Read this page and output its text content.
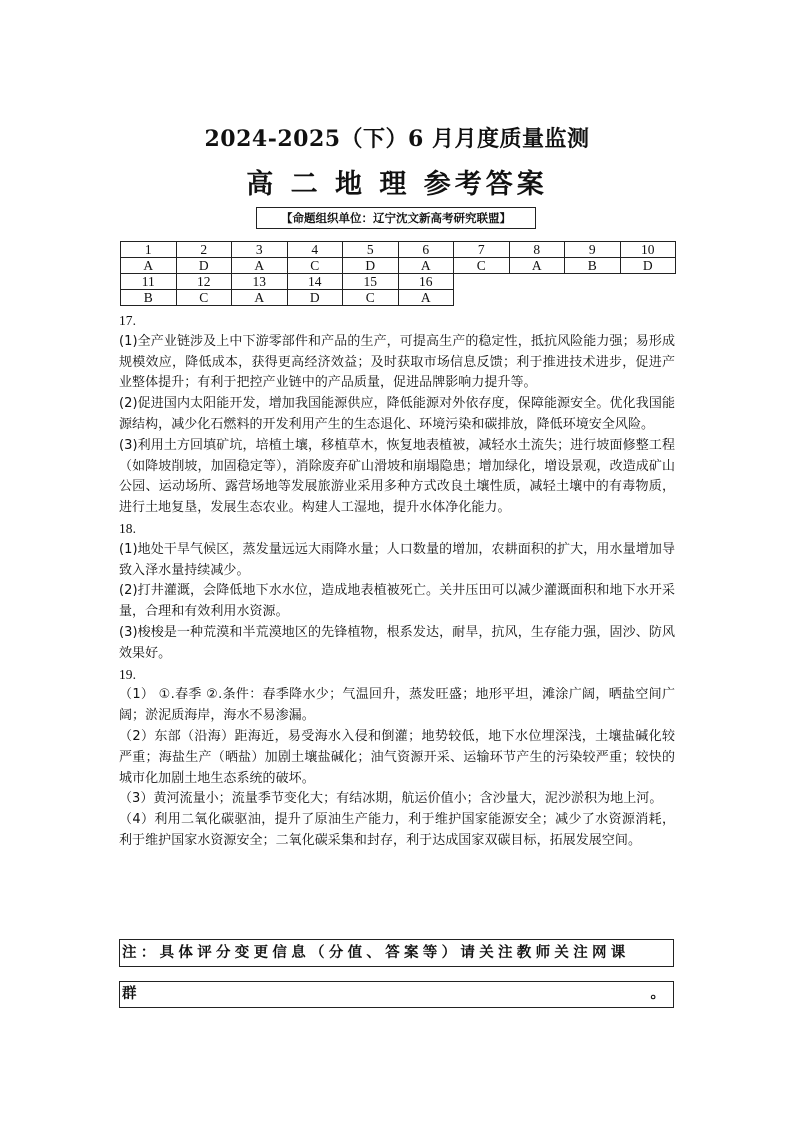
2024-2025（下）6 月月度质量监测
高 二 地 理 参考答案
【命题组织单位：辽宁沈文新高考研究联盟】
1	2	3	4	5	6	7	8	9	10
A	D	A	C	D	A	C	A	B	D
11	12	13	14	15	16				
B	C	A	D	C	A				

17.

(1)全产业链涉及上中下游零部件和产品的生产，可提高生产的稳定性，抵抗风险能力强；易形成规模效应，降低成本，获得更高经济效益；及时获取市场信息反馈；利于推进技术进步，促进产业整体提升；有利于把控产业链中的产品质量，促进品牌影响力提升等。

(2)促进国内太阳能开发，增加我国能源供应，降低能源对外依存度，保障能源安全。优化我国能源结构，减少化石燃料的开发利用产生的生态退化、环境污染和碳排放，降低环境安全风险。

(3)利用土方回填矿坑，培植土壤，移植草木，恢复地表植被，减轻水土流失；进行坡面修整工程（如降坡削坡，加固稳定等），消除废弃矿山滑坡和崩塌隐患；增加绿化，增设景观，改造成矿山公园、运动场所、露营场地等发展旅游业采用多种方式改良土壤性质，减轻土壤中的有毒物质，进行土地复垦，发展生态农业。构建人工湿地，提升水体净化能力。

18.

(1)地处干旱气候区，蒸发量远远大雨降水量；人口数量的增加，农耕面积的扩大，用水量增加导致入泽水量持续减少。

(2)打井灌溉，会降低地下水水位，造成地表植被死亡。关井压田可以减少灌溉面积和地下水开采量，合理和有效利用水资源。

(3)梭梭是一种荒漠和半荒漠地区的先锋植物，根系发达，耐旱，抗风，生存能力强，固沙、防风效果好。

19.

（1） ①.春季 ②.条件：春季降水少；气温回升，蒸发旺盛；地形平坦，滩涂广阔，晒盐空间广阔；淤泥质海岸，海水不易渗漏。

（2）东部（沿海）距海近，易受海水入侵和倒灌；地势较低，地下水位埋深浅，土壤盐碱化较严重；海盐生产（晒盐）加剧土壤盐碱化；油气资源开采、运输环节产生的污染较严重；较快的城市化加剧土地生态系统的破坏。

（3）黄河流量小；流量季节变化大；有结冰期，航运价值小；含沙量大，泥沙淤积为地上河。

（4）利用二氧化碳驱油，提升了原油生产能力，利于维护国家能源安全；减少了水资源消耗，利于维护国家水资源安全；二氧化碳采集和封存，利于达成国家双碳目标，拓展发展空间。

注：具体评分变更信息（分值、答案等）请关注教师关注网课
群	。
